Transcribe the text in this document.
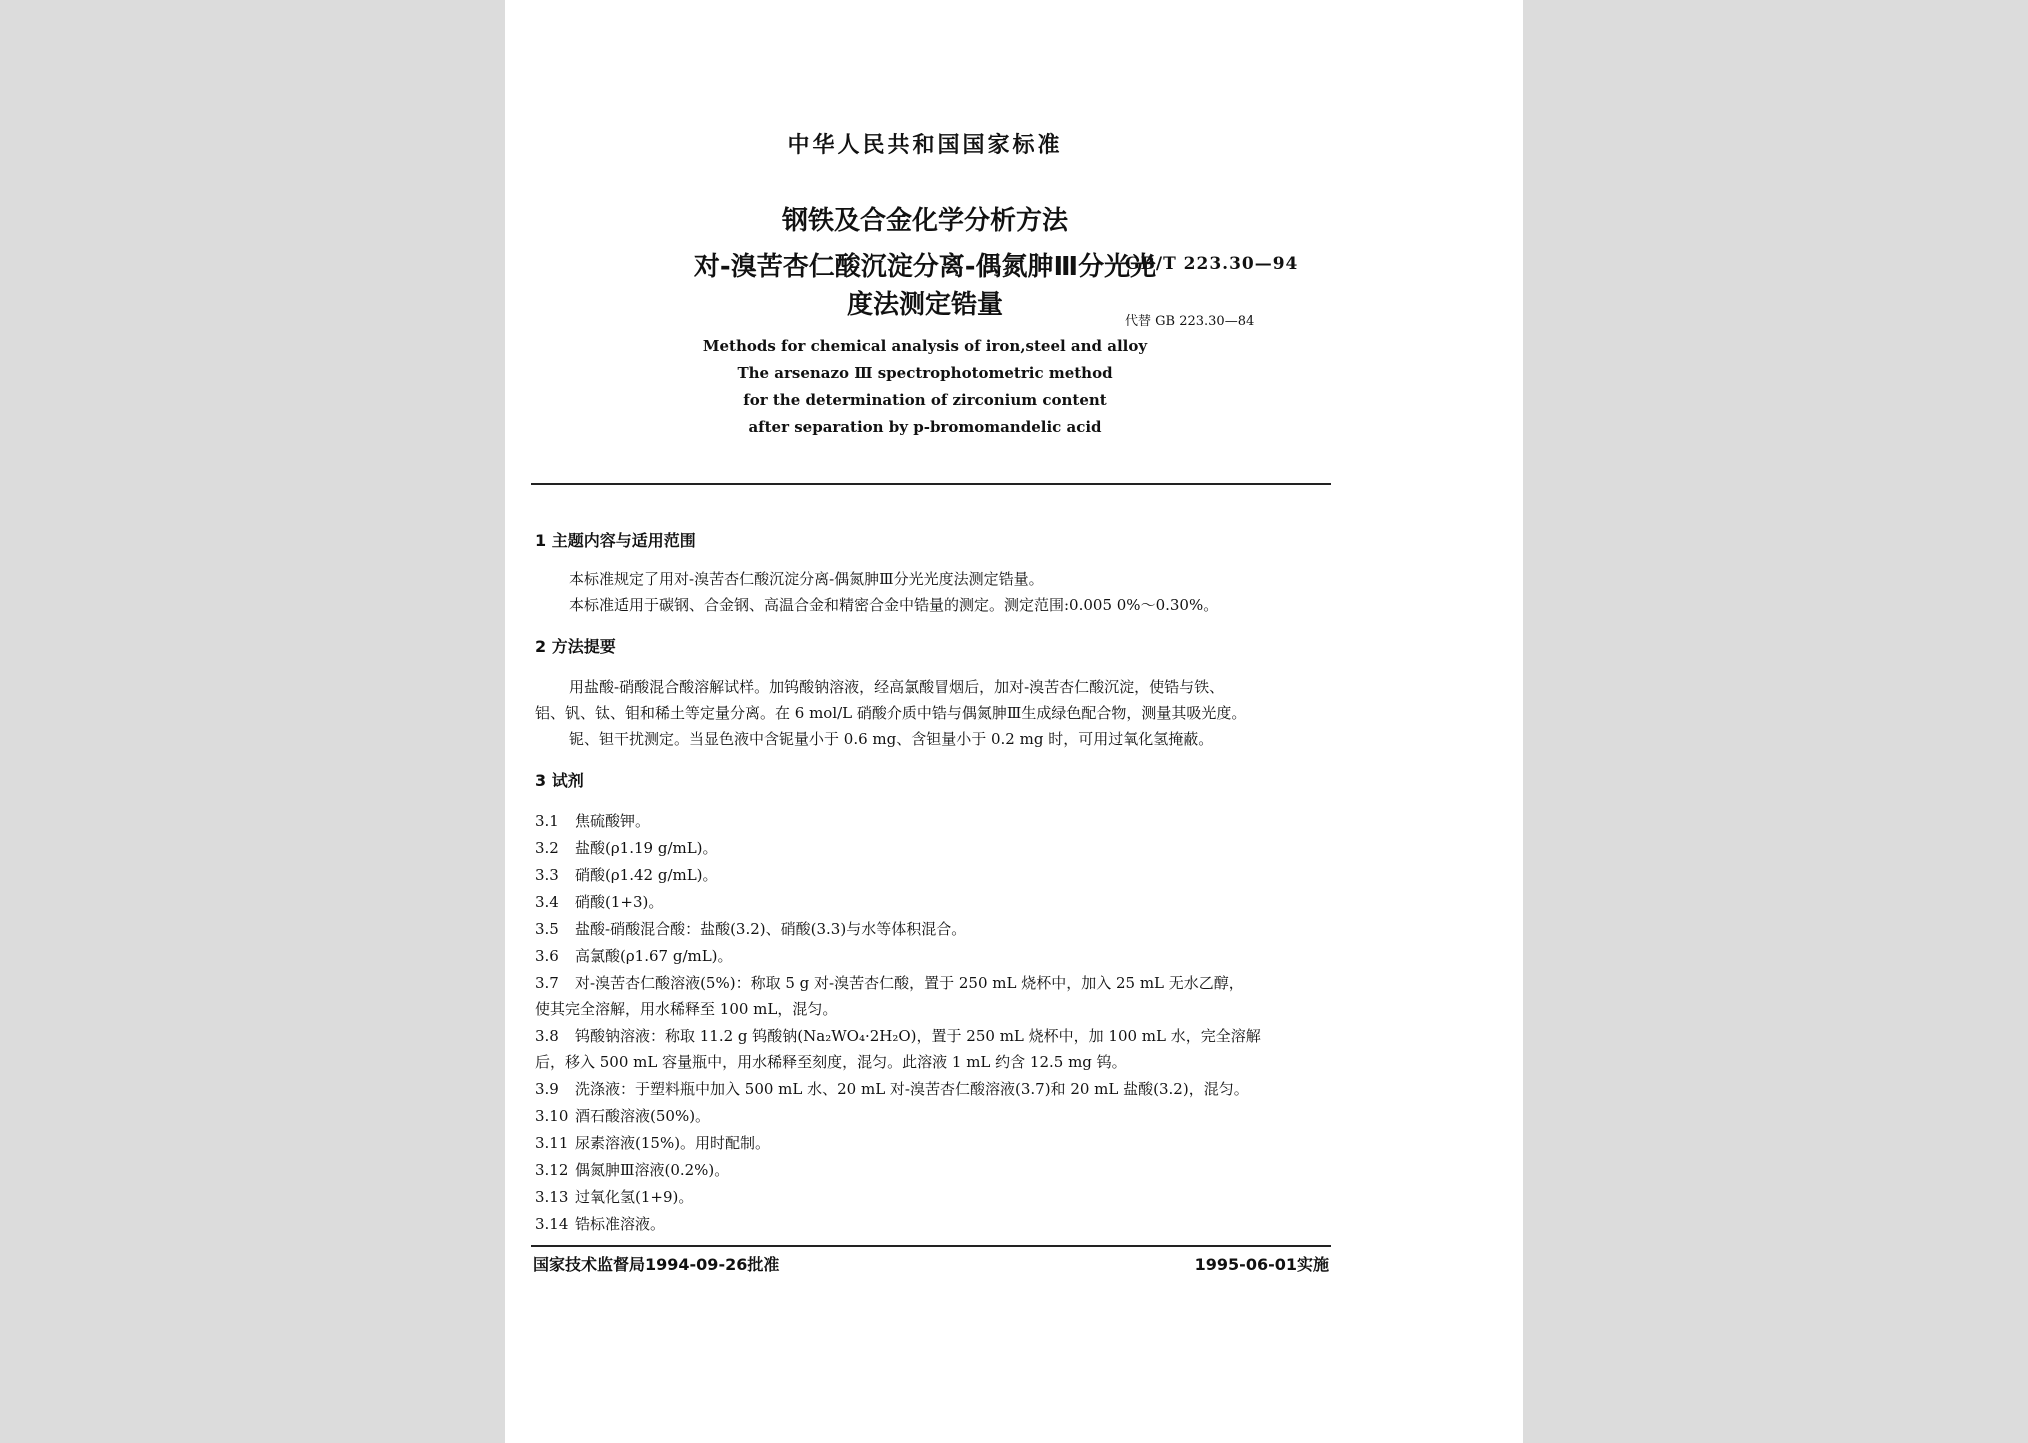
中华人民共和国国家标准

钢铁及合金化学分析方法

对-溴苦杏仁酸沉淀分离-偶氮胂Ⅲ分光光

度法测定锆量

GB/T 223.30—94

代替 GB 223.30—84

Methods for chemical analysis of iron,steel and alloy

The arsenazo Ⅲ spectrophotometric method

for the determination of zirconium content

after separation by p-bromomandelic acid

1 主题内容与适用范围

本标准规定了用对-溴苦杏仁酸沉淀分离-偶氮胂Ⅲ分光光度法测定锆量。

本标准适用于碳钢、合金钢、高温合金和精密合金中锆量的测定。测定范围:0.005 0%～0.30%。

2 方法提要

用盐酸-硝酸混合酸溶解试样。加钨酸钠溶液，经高氯酸冒烟后，加对-溴苦杏仁酸沉淀，使锆与铁、

铝、钒、钛、钼和稀土等定量分离。在 6 mol/L 硝酸介质中锆与偶氮胂Ⅲ生成绿色配合物，测量其吸光度。

铌、钽干扰测定。当显色液中含铌量小于 0.6 mg、含钽量小于 0.2 mg 时，可用过氧化氢掩蔽。

3 试剂

3.1 焦硫酸钾。
3.2 盐酸(ρ1.19 g/mL)。
3.3 硝酸(ρ1.42 g/mL)。
3.4 硝酸(1+3)。
3.5 盐酸-硝酸混合酸：盐酸(3.2)、硝酸(3.3)与水等体积混合。
3.6 高氯酸(ρ1.67 g/mL)。
3.7 对-溴苦杏仁酸溶液(5%)：称取 5 g 对-溴苦杏仁酸，置于 250 mL 烧杯中，加入 25 mL 无水乙醇，

使其完全溶解，用水稀释至 100 mL，混匀。

3.8 钨酸钠溶液：称取 11.2 g 钨酸钠(Na₂WO₄·2H₂O)，置于 250 mL 烧杯中，加 100 mL 水，完全溶解

后，移入 500 mL 容量瓶中，用水稀释至刻度，混匀。此溶液 1 mL 约含 12.5 mg 钨。

3.9 洗涤液：于塑料瓶中加入 500 mL 水、20 mL 对-溴苦杏仁酸溶液(3.7)和 20 mL 盐酸(3.2)，混匀。
3.10 酒石酸溶液(50%)。
3.11 尿素溶液(15%)。用时配制。
3.12 偶氮胂Ⅲ溶液(0.2%)。
3.13 过氧化氢(1+9)。
3.14 锆标准溶液。

国家技术监督局1994-09-26批准	1995-06-01实施
